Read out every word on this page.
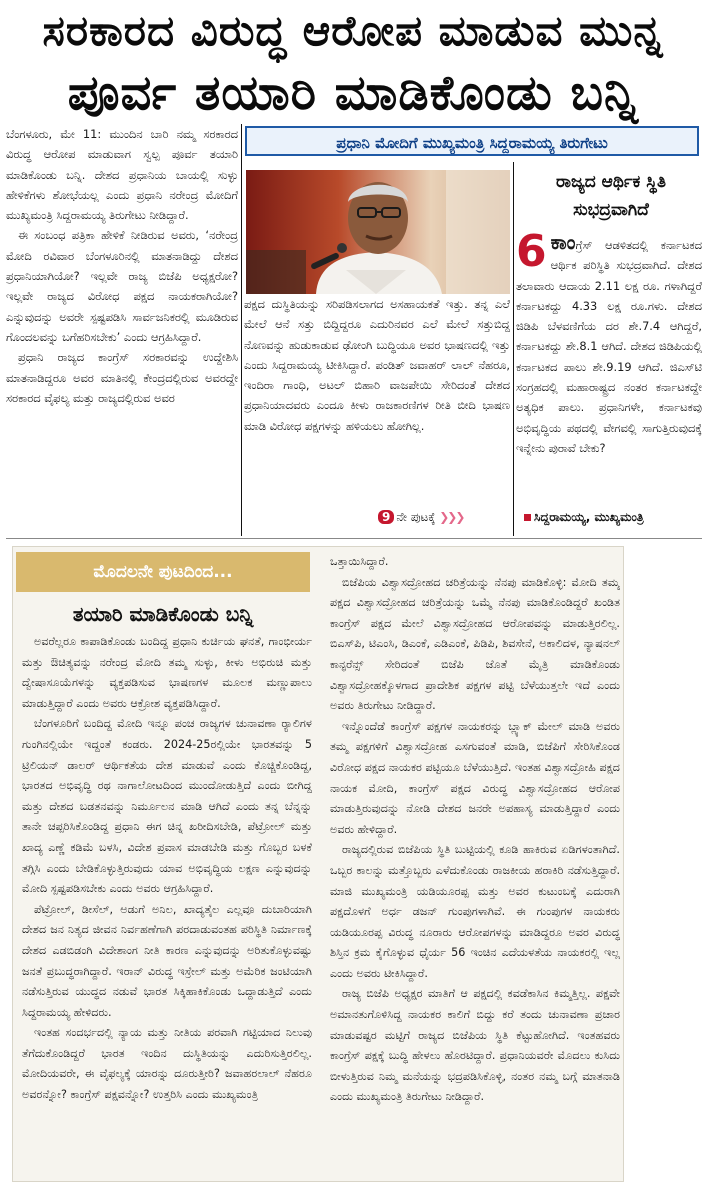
ಸರಕಾರದ ವಿರುದ್ಧ ಆರೋಪ ಮಾಡುವ ಮುನ್ನ
ಪೂರ್ವ ತಯಾರಿ ಮಾಡಿಕೊಂಡು ಬನ್ನಿ

ಬೆಂಗಳೂರು, ಮೇ 11: ಮುಂದಿನ ಬಾರಿ ನಮ್ಮ ಸರಕಾರದ ವಿರುದ್ಧ ಆರೋಪ ಮಾಡುವಾಗ ಸ್ವಲ್ಪ ಪೂರ್ವ ತಯಾರಿ ಮಾಡಿಕೊಂಡು ಬನ್ನಿ. ದೇಶದ ಪ್ರಧಾನಿಯ ಬಾಯಲ್ಲಿ ಸುಳ್ಳು ಹೇಳಿಕೆಗಳು ಶೋಭೆಯಲ್ಲ ಎಂದು ಪ್ರಧಾನಿ ನರೇಂದ್ರ ಮೋದಿಗೆ ಮುಖ್ಯಮಂತ್ರಿ ಸಿದ್ದರಾಮಯ್ಯ ತಿರುಗೇಟು ನೀಡಿದ್ದಾರೆ.

ಈ ಸಂಬಂಧ ಪತ್ರಿಕಾ ಹೇಳಿಕೆ ನೀಡಿರುವ ಅವರು, ‘ನರೇಂದ್ರ ಮೋದಿ ರವಿವಾರ ಬೆಂಗಳೂರಿನಲ್ಲಿ ಮಾತನಾಡಿದ್ದು ದೇಶದ ಪ್ರಧಾನಿಯಾಗಿಯೋ? ಇಲ್ಲವೇ ರಾಜ್ಯ ಬಿಜೆಪಿ ಅಧ್ಯಕ್ಷರೋ? ಇಲ್ಲವೇ ರಾಜ್ಯದ ವಿರೋಧ ಪಕ್ಷದ ನಾಯಕರಾಗಿಯೋ? ಎನ್ನುವುದನ್ನು ಅವರೇ ಸ್ಪಷ್ಟಪಡಿಸಿ ಸಾರ್ವಜನಿಕರಲ್ಲಿ ಮೂಡಿರುವ ಗೊಂದಲವನ್ನು ಬಗೆಹರಿಸಬೇಕು’ ಎಂದು ಆಗ್ರಹಿಸಿದ್ದಾರೆ.

ಪ್ರಧಾನಿ ರಾಜ್ಯದ ಕಾಂಗ್ರೆಸ್ ಸರಕಾರವನ್ನು ಉದ್ದೇಶಿಸಿ ಮಾತನಾಡಿದ್ದರೂ ಅವರ ಮಾತಿನಲ್ಲಿ ಕೇಂದ್ರದಲ್ಲಿರುವ ಅವರದ್ದೇ ಸರಕಾರದ ವೈಫಲ್ಯ ಮತ್ತು ರಾಜ್ಯದಲ್ಲಿರುವ ಅವರ

ಪ್ರಧಾನಿ ಮೋದಿಗೆ ಮುಖ್ಯಮಂತ್ರಿ ಸಿದ್ದರಾಮಯ್ಯ ತಿರುಗೇಟು

ಪಕ್ಷದ ದುಸ್ಥಿತಿಯನ್ನು ಸರಿಪಡಿಸಲಾಗದ ಅಸಹಾಯಕತೆ ಇತ್ತು. ತನ್ನ ಎಲೆ ಮೇಲೆ ಆನೆ ಸತ್ತು ಬಿದ್ದಿದ್ದರೂ ಎದುರಿನವರ ಎಲೆ ಮೇಲೆ ಸತ್ತುಬಿದ್ದ ನೊಣವನ್ನು ಹುಡುಕಾಡುವ ಢೋಂಗಿ ಬುದ್ಧಿಯೂ ಅವರ ಭಾಷಣದಲ್ಲಿ ಇತ್ತು ಎಂದು ಸಿದ್ದರಾಮಯ್ಯ ಟೀಕಿಸಿದ್ದಾರೆ. ಪಂಡಿತ್ ಜವಾಹರ್ ಲಾಲ್ ನೆಹರೂ, ಇಂದಿರಾ ಗಾಂಧಿ, ಅಟಲ್ ಬಿಹಾರಿ ವಾಜಪೇಯಿ ಸೇರಿದಂತೆ ದೇಶದ ಪ್ರಧಾನಿಯಾದವರು ಎಂದೂ ಕೀಳು ರಾಜಕಾರಣಿಗಳ ರೀತಿ ಬೀದಿ ಭಾಷಣ ಮಾಡಿ ವಿರೋಧ ಪಕ್ಷಗಳನ್ನು ಹಳಿಯಲು ಹೋಗಿಲ್ಲ.

9 ನೇ ಪುಟಕ್ಕೆ ❯❯❯
ರಾಜ್ಯದ ಆರ್ಥಿಕ ಸ್ಥಿತಿ ಸುಭದ್ರವಾಗಿದೆ
6 ಕಾಂಗ್ರೆಸ್ ಆಡಳಿತದಲ್ಲಿ ಕರ್ನಾಟಕದ ಆರ್ಥಿಕ ಪರಿಸ್ಥಿತಿ ಸುಭದ್ರವಾಗಿದೆ. ದೇಶದ ತಲಾವಾರು ಆದಾಯ 2.11 ಲಕ್ಷ ರೂ. ಗಳಾಗಿದ್ದರೆ ಕರ್ನಾಟಕದ್ದು 4.33 ಲಕ್ಷ ರೂ.ಗಳು. ದೇಶದ ಜಿಡಿಪಿ ಬೆಳವಣಿಗೆಯ ದರ ಶೇ.7.4 ಆಗಿದ್ದರೆ, ಕರ್ನಾಟಕದ್ದು ಶೇ.8.1 ಆಗಿದೆ. ದೇಶದ ಜಿಡಿಪಿಯಲ್ಲಿ ಕರ್ನಾಟಕದ ಪಾಲು ಶೇ.9.19 ಆಗಿದೆ. ಜಿಎಸ್‌ಟಿ ಸಂಗ್ರಹದಲ್ಲಿ ಮಹಾರಾಷ್ಟ್ರದ ನಂತರ ಕರ್ನಾಟಕದ್ದೇ ಅತ್ಯಧಿಕ ಪಾಲು. ಪ್ರಧಾನಿಗಳೇ, ಕರ್ನಾಟಕವು ಅಭಿವೃದ್ಧಿಯ ಪಥದಲ್ಲಿ ವೇಗವಲ್ಲಿ ಸಾಗುತ್ತಿರುವುದಕ್ಕೆ ಇನ್ನೇನು ಪುರಾವೆ ಬೇಕು?
ಸಿದ್ದರಾಮಯ್ಯ, ಮುಖ್ಯಮಂತ್ರಿ
ಮೊದಲನೇ ಪುಟದಿಂದ...
ತಯಾರಿ ಮಾಡಿಕೊಂಡು ಬನ್ನಿ

ಅವರೆಲ್ಲರೂ ಕಾಪಾಡಿಕೊಂಡು ಬಂದಿದ್ದ ಪ್ರಧಾನಿ ಕುರ್ಚಿಯ ಘನತೆ, ಗಾಂಭೀರ್ಯ ಮತ್ತು ಔಚಿತ್ಯವನ್ನು ನರೇಂದ್ರ ಮೋದಿ ತಮ್ಮ ಸುಳ್ಳು, ಕೀಳು ಅಭಿರುಚಿ ಮತ್ತು ದ್ವೇಷಾಸೂಯೆಗಳನ್ನು ವ್ಯಕ್ತಪಡಿಸುವ ಭಾಷಣಗಳ ಮೂಲಕ ಮಣ್ಣುಪಾಲು ಮಾಡುತ್ತಿದ್ದಾರೆ ಎಂದು ಅವರು ಆಕ್ರೋಶ ವ್ಯಕ್ತಪಡಿಸಿದ್ದಾರೆ.

ಬೆಂಗಳೂರಿಗೆ ಬಂದಿದ್ದ ಮೋದಿ ಇನ್ನೂ ಪಂಚ ರಾಜ್ಯಗಳ ಚುನಾವಣಾ ರ್‍ಯಾಲಿಗಳ ಗುಂಗಿನಲ್ಲಿಯೇ ಇದ್ದಂತೆ ಕಂಡರು. 2024-25ರಲ್ಲಿಯೇ ಭಾರತವನ್ನು 5 ಟ್ರಿಲಿಯನ್ ಡಾಲರ್ ಆರ್ಥಿಕತೆಯ ದೇಶ ಮಾಡುವೆ ಎಂದು ಕೊಚ್ಚಿಕೊಂಡಿದ್ದ, ಭಾರತದ ಅಭಿವೃದ್ಧಿ ರಥ ನಾಗಾಲೋಟದಿಂದ ಮುಂದೋಡುತ್ತಿದೆ ಎಂದು ಬೀಗಿದ್ದ ಮತ್ತು ದೇಶದ ಬಡತನವನ್ನು ನಿರ್ಮೂಲನ ಮಾಡಿ ಆಗಿದೆ ಎಂದು ತನ್ನ ಬೆನ್ನನ್ನು ತಾನೇ ಚಪ್ಪರಿಸಿಕೊಂಡಿದ್ದ ಪ್ರಧಾನಿ ಈಗ ಚಿನ್ನ ಖರೀದಿಸಬೇಡಿ, ಪೆಟ್ರೋಲ್ ಮತ್ತು ಖಾದ್ಯ ಎಣ್ಣೆ ಕಡಿಮೆ ಬಳಸಿ, ವಿದೇಶ ಪ್ರವಾಸ ಮಾಡಬೇಡಿ ಮತ್ತು ಗೊಬ್ಬರ ಬಳಕೆ ತಗ್ಗಿಸಿ ಎಂದು ಬೇಡಿಕೊಳ್ಳುತ್ತಿರುವುದು ಯಾವ ಅಭಿವೃದ್ಧಿಯ ಲಕ್ಷಣ ಎನ್ನುವುದನ್ನು ಮೋದಿ ಸ್ಪಷ್ಟಪಡಿಸಬೇಕು ಎಂದು ಅವರು ಆಗ್ರಹಿಸಿದ್ದಾರೆ.

ಪೆಟ್ರೋಲ್, ಡೀಸೆಲ್, ಅಡುಗೆ ಅನಿಲ, ಖಾದ್ಯತೈಲ ಎಲ್ಲವೂ ದುಬಾರಿಯಾಗಿ ದೇಶದ ಜನ ನಿತ್ಯದ ಜೀವನ ನಿರ್ವಹಣೆಗಾಗಿ ಪರದಾಡುವಂತಹ ಪರಿಸ್ಥಿತಿ ನಿರ್ಮಾಣಕ್ಕೆ ದೇಶದ ಎಡಬಿಡಂಗಿ ವಿದೇಶಾಂಗ ನೀತಿ ಕಾರಣ ಎನ್ನುವುದನ್ನು ಅರಿತುಕೊಳ್ಳುವಷ್ಟು ಜನತೆ ಪ್ರಬುದ್ಧರಾಗಿದ್ದಾರೆ. ಇರಾನ್ ವಿರುದ್ಧ ಇಸ್ರೇಲ್ ಮತ್ತು ಅಮೆರಿಕ ಜಂಟಿಯಾಗಿ ನಡೆಸುತ್ತಿರುವ ಯುದ್ಧದ ನಡುವೆ ಭಾರತ ಸಿಕ್ಕಿಹಾಕಿಕೊಂಡು ಒದ್ದಾಡುತ್ತಿದೆ ಎಂದು ಸಿದ್ದರಾಮಯ್ಯ ಹೇಳಿದರು.

ಇಂತಹ ಸಂದರ್ಭದಲ್ಲಿ ನ್ಯಾಯ ಮತ್ತು ನೀತಿಯ ಪರವಾಗಿ ಗಟ್ಟಿಯಾದ ನಿಲುವು ತೆಗೆದುಕೊಂಡಿದ್ದರೆ ಭಾರತ ಇಂದಿನ ದುಸ್ಥಿತಿಯನ್ನು ಎದುರಿಸುತ್ತಿರಲಿಲ್ಲ. ಮೋದಿಯವರೇ, ಈ ವೈಫಲ್ಯಕ್ಕೆ ಯಾರನ್ನು ದೂರುತ್ತೀರಿ? ಜವಾಹರಲಾಲ್ ನೆಹರೂ ಅವರನ್ನೋ? ಕಾಂಗ್ರೆಸ್ ಪಕ್ಷವನ್ನೋ? ಉತ್ತರಿಸಿ ಎಂದು ಮುಖ್ಯಮಂತ್ರಿ

ಒತ್ತಾಯಿಸಿದ್ದಾರೆ.

ಬಿಜೆಪಿಯ ವಿಶ್ವಾಸದ್ರೋಹದ ಚರಿತ್ರೆಯನ್ನು ನೆನಪು ಮಾಡಿಕೊಳ್ಳಿ: ಮೋದಿ ತಮ್ಮ ಪಕ್ಷದ ವಿಶ್ವಾಸದ್ರೋಹದ ಚರಿತ್ರೆಯನ್ನು ಒಮ್ಮೆ ನೆನಪು ಮಾಡಿಕೊಂಡಿದ್ದರೆ ಖಂಡಿತ ಕಾಂಗ್ರೆಸ್ ಪಕ್ಷದ ಮೇಲೆ ವಿಶ್ವಾಸದ್ರೋಹದ ಆರೋಪವನ್ನು ಮಾಡುತ್ತಿರಲಿಲ್ಲ. ಬಿಎಸ್‌ಪಿ, ಟಿಎಂಸಿ, ಡಿಎಂಕೆ, ಎಡಿಎಂಕೆ, ಪಿಡಿಪಿ, ಶಿವಸೇನೆ, ಅಕಾಲಿದಳ, ನ್ಯಾಷನಲ್ ಕಾನ್ಫರೆನ್ಸ್ ಸೇರಿದಂತೆ ಬಿಜೆಪಿ ಜೊತೆ ಮೈತ್ರಿ ಮಾಡಿಕೊಂಡು ವಿಶ್ವಾಸದ್ರೋಹಕ್ಕೊಳಗಾದ ಪ್ರಾದೇಶಿಕ ಪಕ್ಷಗಳ ಪಟ್ಟಿ ಬೆಳೆಯುತ್ತಲೇ ಇದೆ ಎಂದು ಅವರು ತಿರುಗೇಟು ನೀಡಿದ್ದಾರೆ.

ಇನ್ನೊಂದೆಡೆ ಕಾಂಗ್ರೆಸ್ ಪಕ್ಷಗಳ ನಾಯಕರನ್ನು ಬ್ಲ್ಯಾಕ್ ಮೇಲ್ ಮಾಡಿ ಅವರು ತಮ್ಮ ಪಕ್ಷಗಳಿಗೆ ವಿಶ್ವಾಸದ್ರೋಹ ಎಸಗುವಂತೆ ಮಾಡಿ, ಬಿಜೆಪಿಗೆ ಸೇರಿಸಿಕೊಂಡ ವಿರೋಧ ಪಕ್ಷದ ನಾಯಕರ ಪಟ್ಟಿಯೂ ಬೆಳೆಯುತ್ತಿದೆ. ಇಂತಹ ವಿಶ್ವಾಸದ್ರೋಹಿ ಪಕ್ಷದ ನಾಯಕ ಮೋದಿ, ಕಾಂಗ್ರೆಸ್ ಪಕ್ಷದ ವಿರುದ್ಧ ವಿಶ್ವಾಸದ್ರೋಹದ ಆರೋಪ ಮಾಡುತ್ತಿರುವುದನ್ನು ನೋಡಿ ದೇಶದ ಜನರೇ ಅಪಹಾಸ್ಯ ಮಾಡುತ್ತಿದ್ದಾರೆ ಎಂದು ಅವರು ಹೇಳಿದ್ದಾರೆ.

ರಾಜ್ಯದಲ್ಲಿರುವ ಬಿಜೆಪಿಯ ಸ್ಥಿತಿ ಬುಟ್ಟಿಯಲ್ಲಿ ಕೂಡಿ ಹಾಕಿರುವ ಏಡಿಗಳಂತಾಗಿದೆ. ಒಬ್ಬರ ಕಾಲನ್ನು ಮತ್ತೊಬ್ಬರು ಎಳೆದುಕೊಂಡು ರಾಜಕೀಯ ಹರಾಕಿರಿ ನಡೆಸುತ್ತಿದ್ದಾರೆ. ಮಾಜಿ ಮುಖ್ಯಮಂತ್ರಿ ಯಡಿಯೂರಪ್ಪ ಮತ್ತು ಅವರ ಕುಟುಂಬಕ್ಕೆ ಎದುರಾಗಿ ಪಕ್ಷದೊಳಗೆ ಅರ್ಧ ಡಜನ್ ಗುಂಪುಗಳಾಗಿವೆ. ಈ ಗುಂಪುಗಳ ನಾಯಕರು ಯಡಿಯೂರಪ್ಪ ವಿರುದ್ಧ ನೂರಾರು ಆರೋಪಗಳನ್ನು ಮಾಡಿದ್ದರೂ ಅವರ ವಿರುದ್ಧ ಶಿಸ್ತಿನ ಕ್ರಮ ಕೈಗೊಳ್ಳುವ ಧೈರ್ಯ 56 ಇಂಚಿನ ಎದೆಯಳತೆಯ ನಾಯಕರಲ್ಲಿ ಇಲ್ಲ ಎಂದು ಅವರು ಟೀಕಿಸಿದ್ದಾರೆ.

ರಾಜ್ಯ ಬಿಜೆಪಿ ಅಧ್ಯಕ್ಷರ ಮಾತಿಗೆ ಆ ಪಕ್ಷದಲ್ಲಿ ಕವಡೆಕಾಸಿನ ಕಿಮ್ಮತ್ತಿಲ್ಲ. ಪಕ್ಷವೇ ಅಮಾನತುಗೊಳಿಸಿದ್ದ ನಾಯಕರ ಕಾಲಿಗೆ ಬಿದ್ದು ಕರೆ ತಂದು ಚುನಾವಣಾ ಪ್ರಚಾರ ಮಾಡುವಷ್ಟರ ಮಟ್ಟಿಗೆ ರಾಜ್ಯದ ಬಿಜೆಪಿಯ ಸ್ಥಿತಿ ಕೆಟ್ಟುಹೋಗಿದೆ. ಇಂತಹವರು ಕಾಂಗ್ರೆಸ್ ಪಕ್ಷಕ್ಕೆ ಬುದ್ಧಿ ಹೇಳಲು ಹೊರಟಿದ್ದಾರೆ. ಪ್ರಧಾನಿಯವರೇ ಮೊದಲು ಕುಸಿದು ಬೀಳುತ್ತಿರುವ ನಿಮ್ಮ ಮನೆಯನ್ನು ಭದ್ರಪಡಿಸಿಕೊಳ್ಳಿ, ನಂತರ ನಮ್ಮ ಬಗ್ಗೆ ಮಾತನಾಡಿ ಎಂದು ಮುಖ್ಯಮಂತ್ರಿ ತಿರುಗೇಟು ನೀಡಿದ್ದಾರೆ.
